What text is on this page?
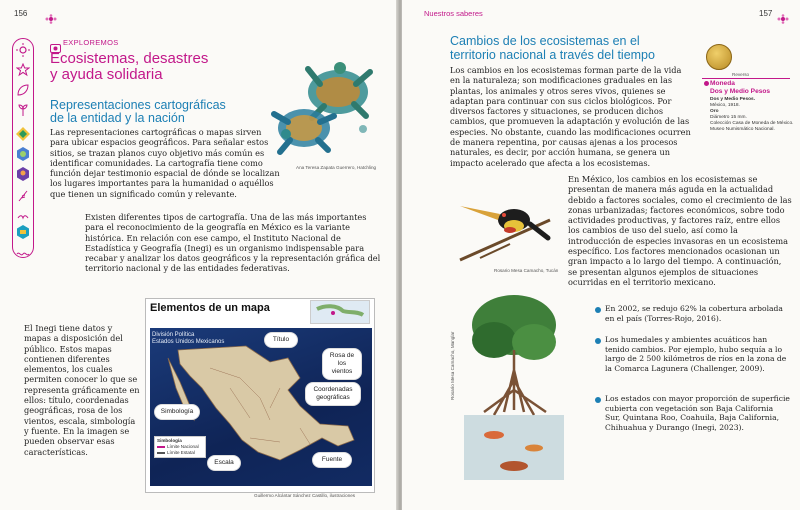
156
EXPLOREMOS
Ecosistemas, desastres
y ayuda solidaria
Representaciones cartográficas
de la entidad y la nación
Las representaciones cartográficas o mapas sirven para ubicar espacios geográficos. Para señalar estos sitios, se trazan planos cuyo objetivo más común es identificar comunidades. La cartografía tiene como función dejar testimonio espacial de dónde se localizan los lugares importantes para la humanidad o aquéllos que tienen un significado común y relevante.
Ana Teresa Zapata Guerrero, Hatchling
Existen diferentes tipos de cartografía. Una de las más importantes para el reconocimiento de la geografía en México es la variante histórica. En relación con ese campo, el Instituto Nacional de Estadística y Geografía (Inegi) es un organismo indispensable para recabar y analizar los datos geográficos y la representación gráfica del territorio nacional y de las entidades federativas.
El Inegi tiene datos y mapas a disposición del público. Estos mapas contienen diferentes elementos, los cuales permiten conocer lo que se representa gráficamente en ellos: título, coordenadas geográficas, rosa de los vientos, escala, simbología y fuente. En la imagen se pueden observar esas características.
Elementos de un mapa
División Política
Estados Unidos Mexicanos	Título
Rosa de los vientos
Coordenadas geográficas
Simbología
Escala	Fuente
Simbología
Límite Nacional
Límite Estatal
Guillermo Alcántar Sánchez Castillo, ilustraciones
Nuestros saberes	157
Cambios de los ecosistemas en el
territorio nacional a través del tiempo
Los cambios en los ecosistemas forman parte de la vida en la naturaleza; son modificaciones graduales en las plantas, los animales y otros seres vivos, quienes se adaptan para continuar con sus ciclos biológicos. Por diversos factores y situaciones, se producen dichos cambios, que promueven la adaptación y evolución de las especies. No obstante, cuando las modificaciones ocurren de manera repentina, por causas ajenas a los procesos naturales, es decir, por acción humana, se genera un impacto acelerado que afecta a los ecosistemas.
Reverso
Moneda
Dos y Medio Pesos
Dos y Medio Pesos.
México, 1918.
Oro
Diámetro 15 mm.
Colección Casa de Moneda de México.
Museo Numismático Nacional.
Rosario Mesa Camacho, Tucán
En México, los cambios en los ecosistemas se presentan de manera más aguda en la actualidad debido a factores sociales, como el crecimiento de las zonas urbanizadas; factores económicos, sobre todo actividades productivas, y factores raíz, entre ellos los cambios de uso del suelo, así como la introducción de especies invasoras en un ecosistema específico. Los factores mencionados ocasionan un gran impacto a lo largo del tiempo. A continuación, se presentan algunos ejemplos de situaciones ocurridas en el territorio mexicano.
Rosario Mesa Camacho, Manglar
En 2002, se redujo 62% la cobertura arbolada en el país (Torres-Rojo, 2016).
Los humedales y ambientes acuáticos han tenido cambios. Por ejemplo, hubo sequía a lo largo de 2 500 kilómetros de ríos en la zona de la Comarca Lagunera (Challenger, 2009).
Los estados con mayor proporción de superficie cubierta con vegetación son Baja California Sur, Quintana Roo, Coahuila, Baja California, Chihuahua y Durango (Inegi, 2023).
